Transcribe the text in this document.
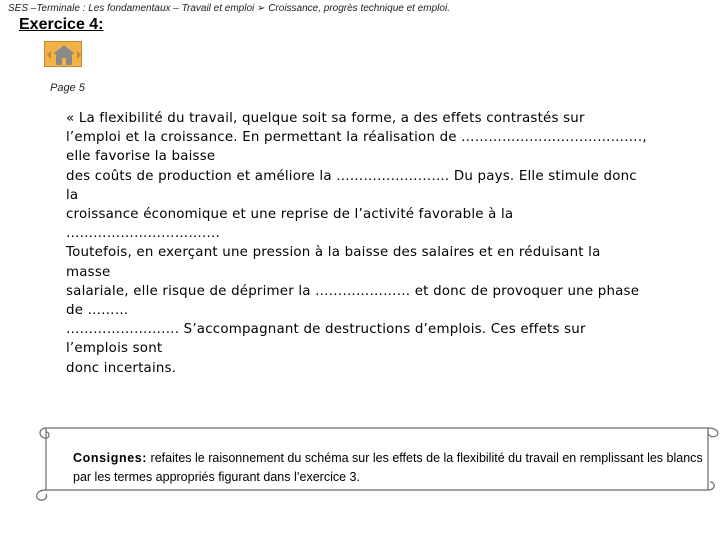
SES –Terminale : Les fondamentaux – Travail et emploi ➢ Croissance, progrès technique et emploi.
Exercice 4:
Page 5
« La flexibilité du travail, quelque soit sa forme, a des effets contrastés sur
l’emploi et la croissance. En permettant la réalisation de ………………………………….,
elle favorise la baisse
des coûts de production et améliore la ……………………. Du pays. Elle stimule donc
la
croissance économique et une reprise de l’activité favorable à la
…………………………….
Toutefois, en exerçant une pression à la baisse des salaires et en réduisant la
masse
salariale, elle risque de déprimer la ………………… et donc de provoquer une phase
de ………
……………………. S’accompagnant de destructions d’emplois. Ces effets sur
l’emplois sont
donc incertains.
Consignes: refaites le raisonnement du schéma sur les effets de la flexibilité du travail en remplissant les blancs par les termes appropriés figurant dans l’exercice 3.
